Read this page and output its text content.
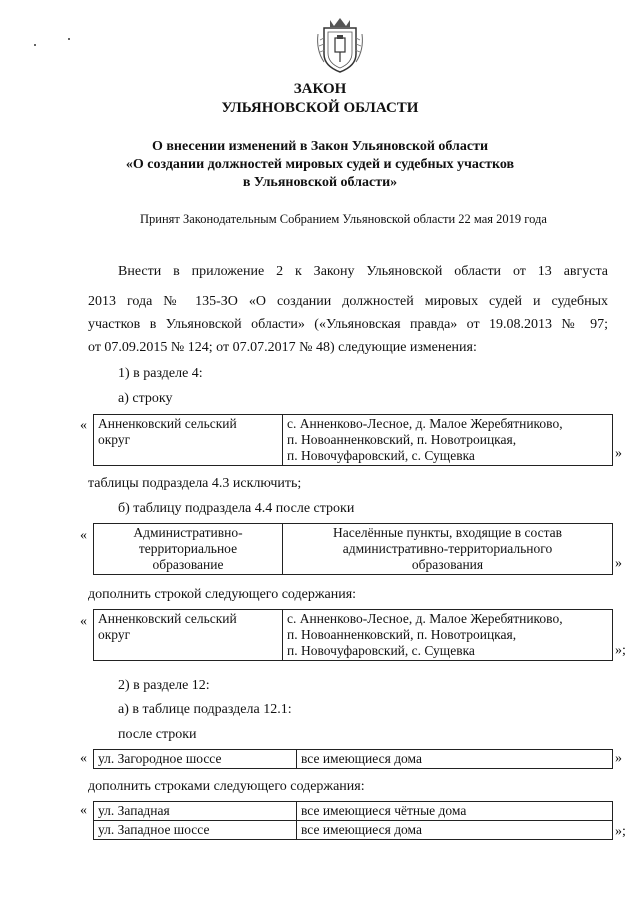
ЗАКОН
УЛЬЯНОВСКОЙ ОБЛАСТИ
О внесении изменений в Закон Ульяновской области
«О создании должностей мировых судей и судебных участков
в Ульяновской области»
Принят Законодательным Собранием Ульяновской области 22 мая 2019 года
Внести в приложение 2 к Закону Ульяновской области от 13 августа
2013 года № 135-ЗО «О создании должностей мировых судей и судебных
участков в Ульяновской области» («Ульяновская правда» от 19.08.2013 № 97;
от 07.09.2015 № 124; от 07.07.2017 № 48) следующие изменения:
1) в разделе 4:
а) строку
« Анненковский сельский
округ

с. Анненково-Лесное, д. Малое Жеребятниково,
п. Новоанненковский, п. Новотроицкая,
п. Новочуфаровский, с. Сущевка	»
таблицы подраздела 4.3 исключить;
б) таблицу подраздела 4.4 после строки
«	Административно-
территориальное
образование

Населённые пункты, входящие в состав
административно-территориального
образования	»
дополнить строкой следующего содержания:
« Анненковский сельский
округ

с. Анненково-Лесное, д. Малое Жеребятниково,
п. Новоанненковский, п. Новотроицкая,
п. Новочуфаровский, с. Сущевка	»;
2) в разделе 12:
а) в таблице подраздела 12.1:
после строки
« ул. Загородное шоссе	все имеющиеся дома	»
дополнить строками следующего содержания:
« ул. Западная	все имеющиеся чётные дома
ул. Западное шоссе	все имеющиеся дома	»;
